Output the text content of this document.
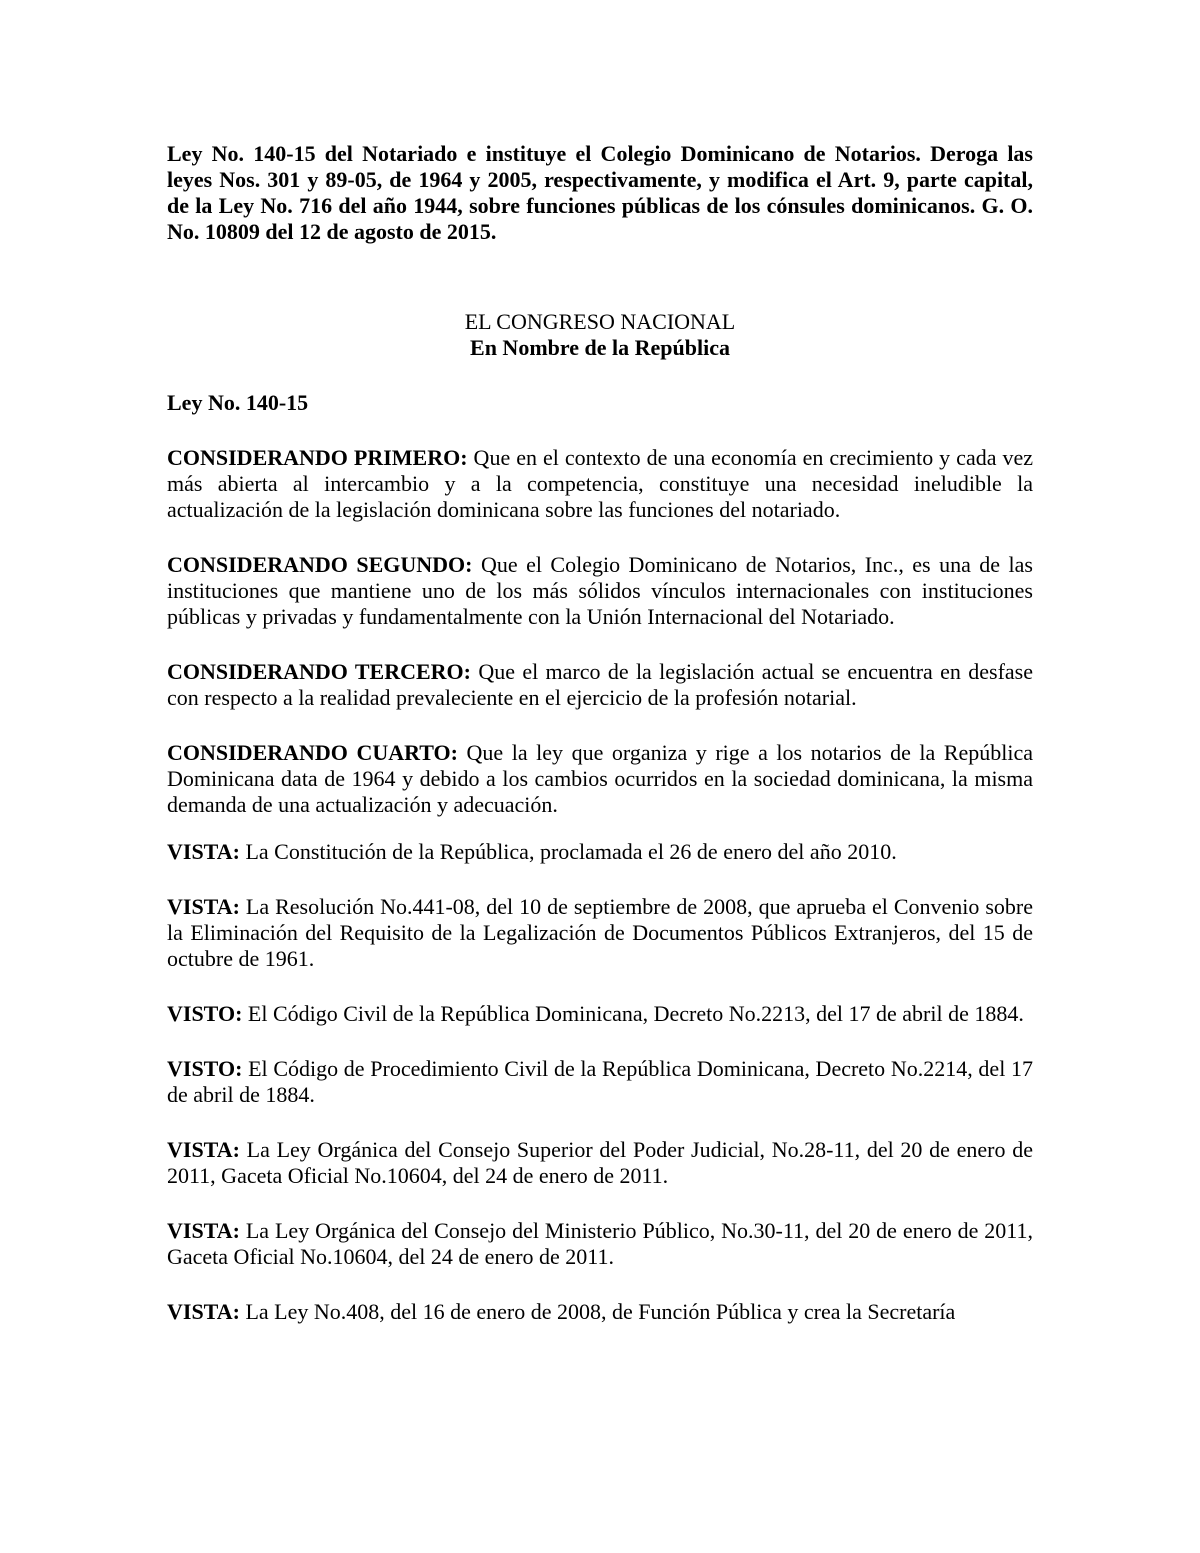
Ley No. 140-15 del Notariado e instituye el Colegio Dominicano de Notarios. Deroga las leyes Nos. 301 y 89-05, de 1964 y 2005, respectivamente, y modifica el Art. 9, parte capital, de la Ley No. 716 del año 1944, sobre funciones públicas de los cónsules dominicanos. G. O. No. 10809 del 12 de agosto de 2015.

EL CONGRESO NACIONAL
En Nombre de la República
Ley No. 140-15
CONSIDERANDO PRIMERO: Que en el contexto de una economía en crecimiento y cada vez más abierta al intercambio y a la competencia, constituye una necesidad ineludible la actualización de la legislación dominicana sobre las funciones del notariado.
CONSIDERANDO SEGUNDO: Que el Colegio Dominicano de Notarios, Inc., es una de las instituciones que mantiene uno de los más sólidos vínculos internacionales con instituciones públicas y privadas y fundamentalmente con la Unión Internacional del Notariado.
CONSIDERANDO TERCERO: Que el marco de la legislación actual se encuentra en desfase con respecto a la realidad prevaleciente en el ejercicio de la profesión notarial.
CONSIDERANDO CUARTO: Que la ley que organiza y rige a los notarios de la República Dominicana data de 1964 y debido a los cambios ocurridos en la sociedad dominicana, la misma demanda de una actualización y adecuación.
VISTA: La Constitución de la República, proclamada el 26 de enero del año 2010.
VISTA: La Resolución No.441-08, del 10 de septiembre de 2008, que aprueba el Convenio sobre la Eliminación del Requisito de la Legalización de Documentos Públicos Extranjeros, del 15 de octubre de 1961.
VISTO: El Código Civil de la República Dominicana, Decreto No.2213, del 17 de abril de 1884.
VISTO: El Código de Procedimiento Civil de la República Dominicana, Decreto No.2214, del 17 de abril de 1884.
VISTA: La Ley Orgánica del Consejo Superior del Poder Judicial, No.28-11, del 20 de enero de 2011, Gaceta Oficial No.10604, del 24 de enero de 2011.
VISTA: La Ley Orgánica del Consejo del Ministerio Público, No.30-11, del 20 de enero de 2011, Gaceta Oficial No.10604, del 24 de enero de 2011.
VISTA: La Ley No.408, del 16 de enero de 2008, de Función Pública y crea la Secretaría
